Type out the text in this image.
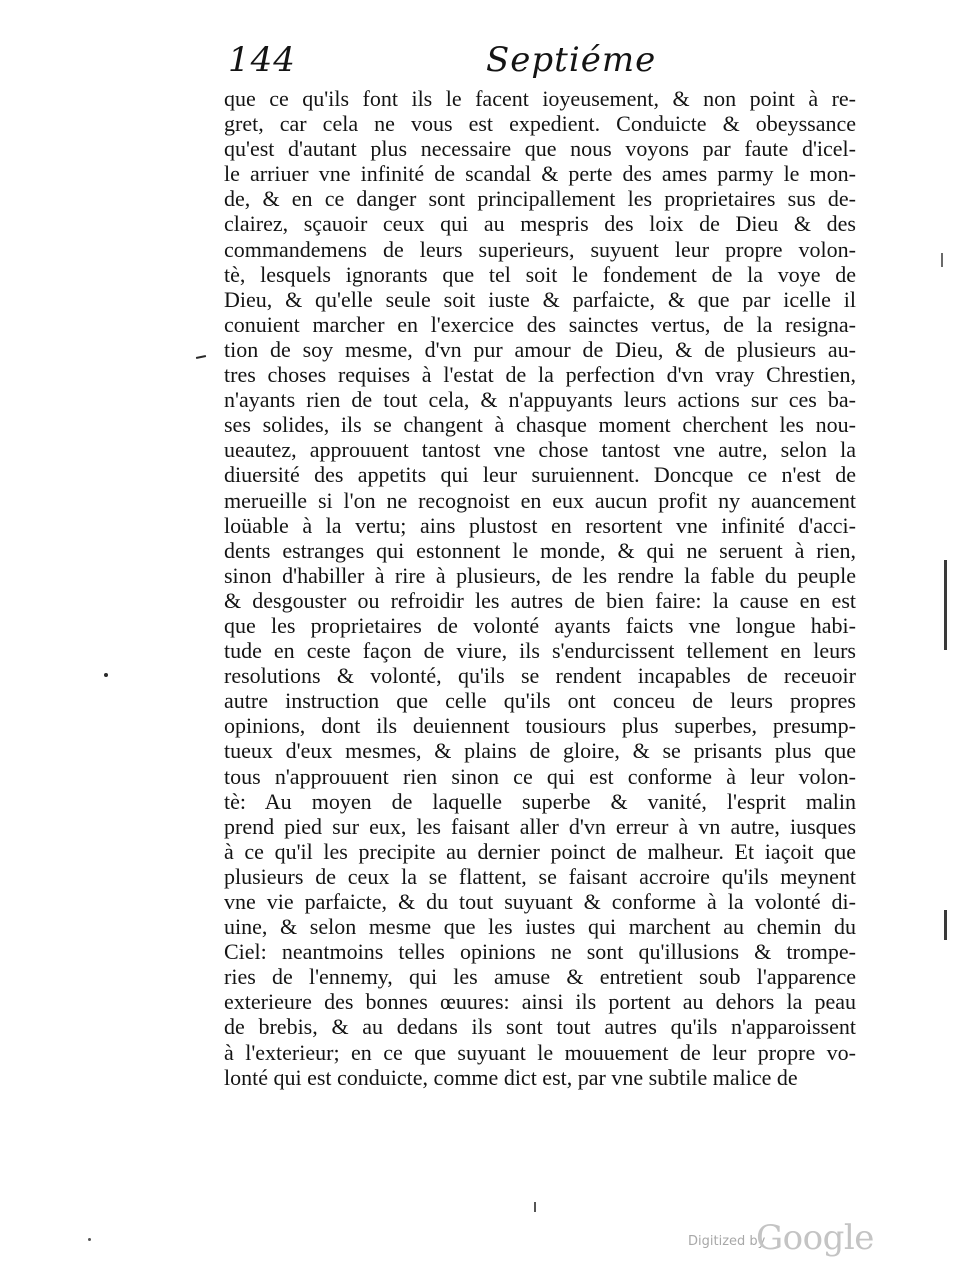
144	Septiéme
que ce qu'ils font ils le facent ioyeusement, & non point à re-
gret, car cela ne vous est expedient. Conduicte & obeyssance
qu'est d'autant plus necessaire que nous voyons par faute d'icel-
le arriuer vne infinité de scandal & perte des ames parmy le mon-
de, & en ce danger sont principallement les proprietaires sus de-
clairez, sçauoir ceux qui au mespris des loix de Dieu & des
commandemens de leurs superieurs, suyuent leur propre volon-
tè, lesquels ignorants que tel soit le fondement de la voye de
Dieu, & qu'elle seule soit iuste & parfaicte, & que par icelle il
conuient marcher en l'exercice des sainctes vertus, de la resigna-
tion de soy mesme, d'vn pur amour de Dieu, & de plusieurs au-
tres choses requises à l'estat de la perfection d'vn vray Chrestien,
n'ayants rien de tout cela, & n'appuyants leurs actions sur ces ba-
ses solides, ils se changent à chasque moment cherchent les nou-
ueautez, approuuent tantost vne chose tantost vne autre, selon la
diuersité des appetits qui leur suruiennent. Doncque ce n'est de
merueille si l'on ne recognoist en eux aucun profit ny auancement
loüable à la vertu; ains plustost en resortent vne infinité d'acci-
dents estranges qui estonnent le monde, & qui ne seruent à rien,
sinon d'habiller à rire à plusieurs, de les rendre la fable du peuple
& desgouster ou refroidir les autres de bien faire: la cause en est
que les proprietaires de volonté ayants faicts vne longue habi-
tude en ceste façon de viure, ils s'endurcissent tellement en leurs
resolutions & volonté, qu'ils se rendent incapables de receuoir
autre instruction que celle qu'ils ont conceu de leurs propres
opinions, dont ils deuiennent tousiours plus superbes, presump-
tueux d'eux mesmes, & plains de gloire, & se prisants plus que
tous n'approuuent rien sinon ce qui est conforme à leur volon-
tè: Au moyen de laquelle superbe & vanité, l'esprit malin
prend pied sur eux, les faisant aller d'vn erreur à vn autre, iusques
à ce qu'il les precipite au dernier poinct de malheur. Et iaçoit que
plusieurs de ceux la se flattent, se faisant accroire qu'ils meynent
vne vie parfaicte, & du tout suyuant & conforme à la volonté di-
uine, & selon mesme que les iustes qui marchent au chemin du
Ciel: neantmoins telles opinions ne sont qu'illusions & trompe-
ries de l'ennemy, qui les amuse & entretient soub l'apparence
exterieure des bonnes œuures: ainsi ils portent au dehors la peau
de brebis, & au dedans ils sont tout autres qu'ils n'apparoissent
à l'exterieur; en ce que suyuant le mouuement de leur propre vo-
lonté qui est conduicte, comme dict est, par vne subtile malice de
Digitized by
Google
